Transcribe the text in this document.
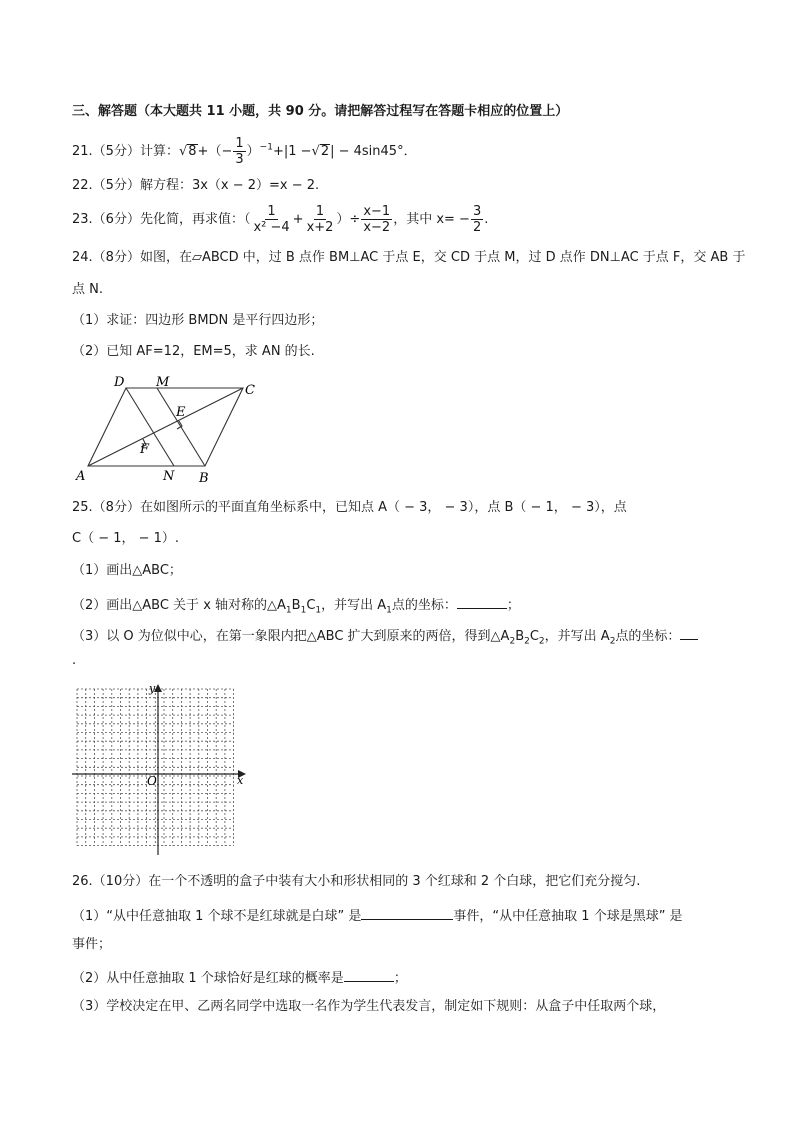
三、解答题（本大题共 11 小题，共 90 分。请把解答过程写在答题卡相应的位置上）
21.（5分）计算：$√8+(- \frac{1}{3} )^{-1}+|1 -√2| - 4\sin 45^\circ$．
22.（5分）解方程：3x（x − 2）=x − 2.
23.（6分）先化简，再求值：（ $\frac{1}{\text{x² −4}} + \frac{1}{x+2}$ ）÷ $\frac{x-1}{x-2}$ ，其中 $x= - \frac{3}{2}$ .
24.（8分）如图，在▱ABCD 中，过 B 点作 BM⊥AC 于点 E，交 CD 于点 M，过 D 点作 DN⊥AC 于点 F，交 AB 于
点 N.
（1）求证：四边形 BMDN 是平行四边形；
（2）已知 AF=12，EM=5，求 AN 的长.
D M
C
E
F
A	N B
25.（8分）在如图所示的平面直角坐标系中，已知点 A（ − 3， − 3），点 B（ − 1， − 3），点
C（ − 1， − 1）.
（1）画出△ABC；
（2）画出△ABC 关于 x 轴对称的$\triangle A_1B_1C_1$，并写出 $A_1$点的坐标：	；
（3）以 O 为位似中心，在第一象限内把△ABC 扩大到原来的两倍，得到$\triangle A_2B_2C_2$，并写出 $A_2$点的坐标：
.
x
y
O
26.（10分）在一个不透明的盒子中装有大小和形状相同的 3 个红球和 2 个白球，把它们充分搅匀.
（1）“从中任意抽取 1 个球不是红球就是白球” 是	事件，“从中任意抽取 1 个球是黑球” 是
事件；
（2）从中任意抽取 1 个球恰好是红球的概率是	；
（3）学校决定在甲、乙两名同学中选取一名作为学生代表发言，制定如下规则：从盒子中任取两个球，
